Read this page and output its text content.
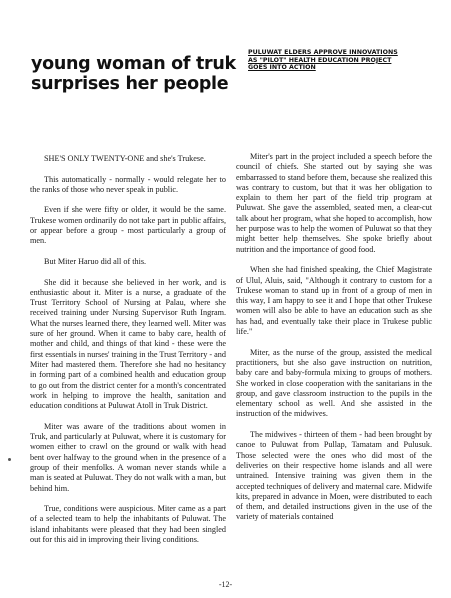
PULUWAT ELDERS APPROVE INNOVATIONS
AS "PILOT" HEALTH EDUCATION PROJECT
GOES INTO ACTION
young woman of truk surprises her people

SHE'S ONLY TWENTY-ONE and she's Trukese.

This automatically - normally - would relegate her to the ranks of those who never speak in public.

Even if she were fifty or older, it would be the same. Trukese women ordinarily do not take part in public affairs, or appear before a group - most particularly a group of men.

But Miter Haruo did all of this.

She did it because she believed in her work, and is enthusiastic about it. Miter is a nurse, a graduate of the Trust Territory School of Nursing at Palau, where she received training under Nursing Supervisor Ruth Ingram. What the nurses learned there, they learned well. Miter was sure of her ground. When it came to baby care, health of mother and child, and things of that kind - these were the first essentials in nurses' training in the Trust Territory - and Miter had mastered them. Therefore she had no hesitancy in forming part of a combined health and education group to go out from the district center for a month's concentrated work in helping to improve the health, sanitation and education conditions at Puluwat Atoll in Truk District.

Miter was aware of the traditions about women in Truk, and particularly at Puluwat, where it is customary for women either to crawl on the ground or walk with head bent over halfway to the ground when in the presence of a group of their menfolks. A woman never stands while a man is seated at Puluwat. They do not walk with a man, but behind him.

True, conditions were auspicious. Miter came as a part of a selected team to help the inhabitants of Puluwat. The island inhabitants were pleased that they had been singled out for this aid in improving their living conditions.

Miter's part in the project included a speech before the council of chiefs. She started out by saying she was embarrassed to stand before them, because she realized this was contrary to custom, but that it was her obligation to explain to them her part of the field trip program at Puluwat. She gave the assembled, seated men, a clear-cut talk about her program, what she hoped to accomplish, how her purpose was to help the women of Puluwat so that they might better help themselves. She spoke briefly about nutrition and the importance of good food.

When she had finished speaking, the Chief Magistrate of Ulul, Aluis, said, "Although it contrary to custom for a Trukese woman to stand up in front of a group of men in this way, I am happy to see it and I hope that other Trukese women will also be able to have an education such as she has had, and eventually take their place in Trukese public life."

Miter, as the nurse of the group, assisted the medical practitioners, but she also gave instruction on nutrition, baby care and baby-formula mixing to groups of mothers. She worked in close cooperation with the sanitarians in the group, and gave classroom instruction to the pupils in the elementary school as well. And she assisted in the instruction of the midwives.

The midwives - thirteen of them - had been brought by canoe to Puluwat from Pullap, Tamatam and Pulusuk. Those selected were the ones who did most of the deliveries on their respective home islands and all were untrained. Intensive training was given them in the accepted techniques of delivery and maternal care. Midwife kits, prepared in advance in Moen, were distributed to each of them, and detailed instructions given in the use of the variety of materials contained

-12-
